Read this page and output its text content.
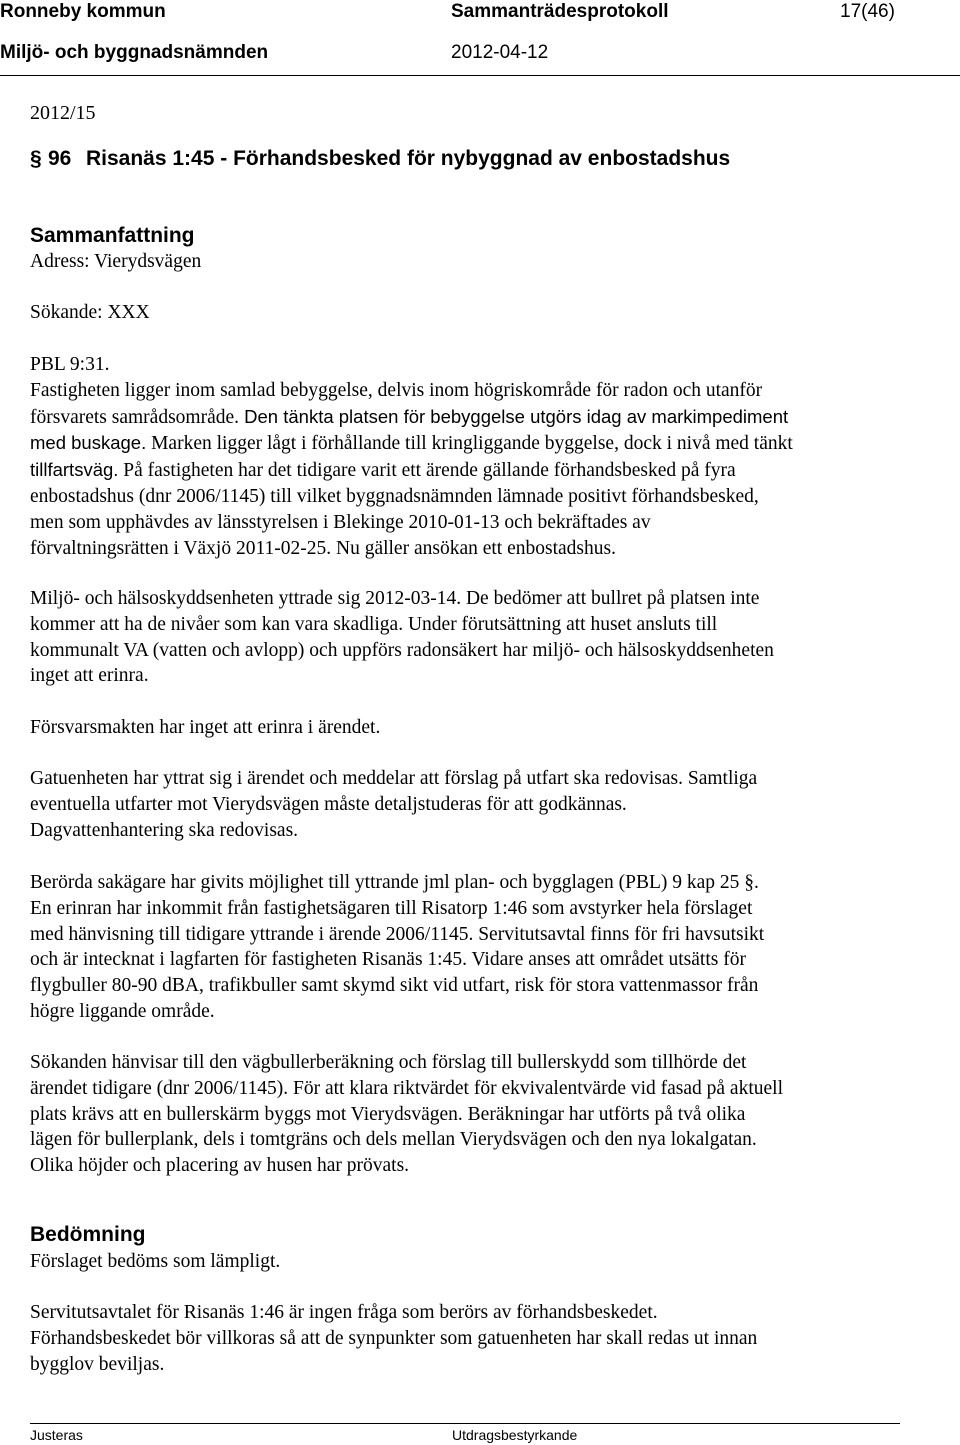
Ronneby kommun	Sammanträdesprotokoll	17(46)
Miljö- och byggnadsnämnden	2012-04-12
2012/15
§ 96 Risanäs 1:45 - Förhandsbesked för nybyggnad av enbostadshus
Sammanfattning
Adress: Vierydsvägen
Sökande: XXX
PBL 9:31.
Fastigheten ligger inom samlad bebyggelse, delvis inom högriskområde för radon och utanför
försvarets samrådsområde. Den tänkta platsen för bebyggelse utgörs idag av markimpediment
med buskage. Marken ligger lågt i förhållande till kringliggande byggelse, dock i nivå med tänkt
tillfartsväg. På fastigheten har det tidigare varit ett ärende gällande förhandsbesked på fyra
enbostadshus (dnr 2006/1145) till vilket byggnadsnämnden lämnade positivt förhandsbesked,
men som upphävdes av länsstyrelsen i Blekinge 2010-01-13 och bekräftades av
förvaltningsrätten i Växjö 2011-02-25. Nu gäller ansökan ett enbostadshus.
Miljö- och hälsoskyddsenheten yttrade sig 2012-03-14. De bedömer att bullret på platsen inte
kommer att ha de nivåer som kan vara skadliga. Under förutsättning att huset ansluts till
kommunalt VA (vatten och avlopp) och uppförs radonsäkert har miljö- och hälsoskyddsenheten
inget att erinra.
Försvarsmakten har inget att erinra i ärendet.
Gatuenheten har yttrat sig i ärendet och meddelar att förslag på utfart ska redovisas. Samtliga
eventuella utfarter mot Vierydsvägen måste detaljstuderas för att godkännas.
Dagvattenhantering ska redovisas.
Berörda sakägare har givits möjlighet till yttrande jml plan- och bygglagen (PBL) 9 kap 25 §.
En erinran har inkommit från fastighetsägaren till Risatorp 1:46 som avstyrker hela förslaget
med hänvisning till tidigare yttrande i ärende 2006/1145. Servitutsavtal finns för fri havsutsikt
och är intecknat i lagfarten för fastigheten Risanäs 1:45. Vidare anses att området utsätts för
flygbuller 80-90 dBA, trafikbuller samt skymd sikt vid utfart, risk för stora vattenmassor från
högre liggande område.
Sökanden hänvisar till den vägbullerberäkning och förslag till bullerskydd som tillhörde det
ärendet tidigare (dnr 2006/1145). För att klara riktvärdet för ekvivalentvärde vid fasad på aktuell
plats krävs att en bullerskärm byggs mot Vierydsvägen. Beräkningar har utförts på två olika
lägen för bullerplank, dels i tomtgräns och dels mellan Vierydsvägen och den nya lokalgatan.
Olika höjder och placering av husen har prövats.
Bedömning
Förslaget bedöms som lämpligt.
Servitutsavtalet för Risanäs 1:46 är ingen fråga som berörs av förhandsbeskedet.
Förhandsbeskedet bör villkoras så att de synpunkter som gatuenheten har skall redas ut innan
bygglov beviljas.
Justeras	Utdragsbestyrkande
